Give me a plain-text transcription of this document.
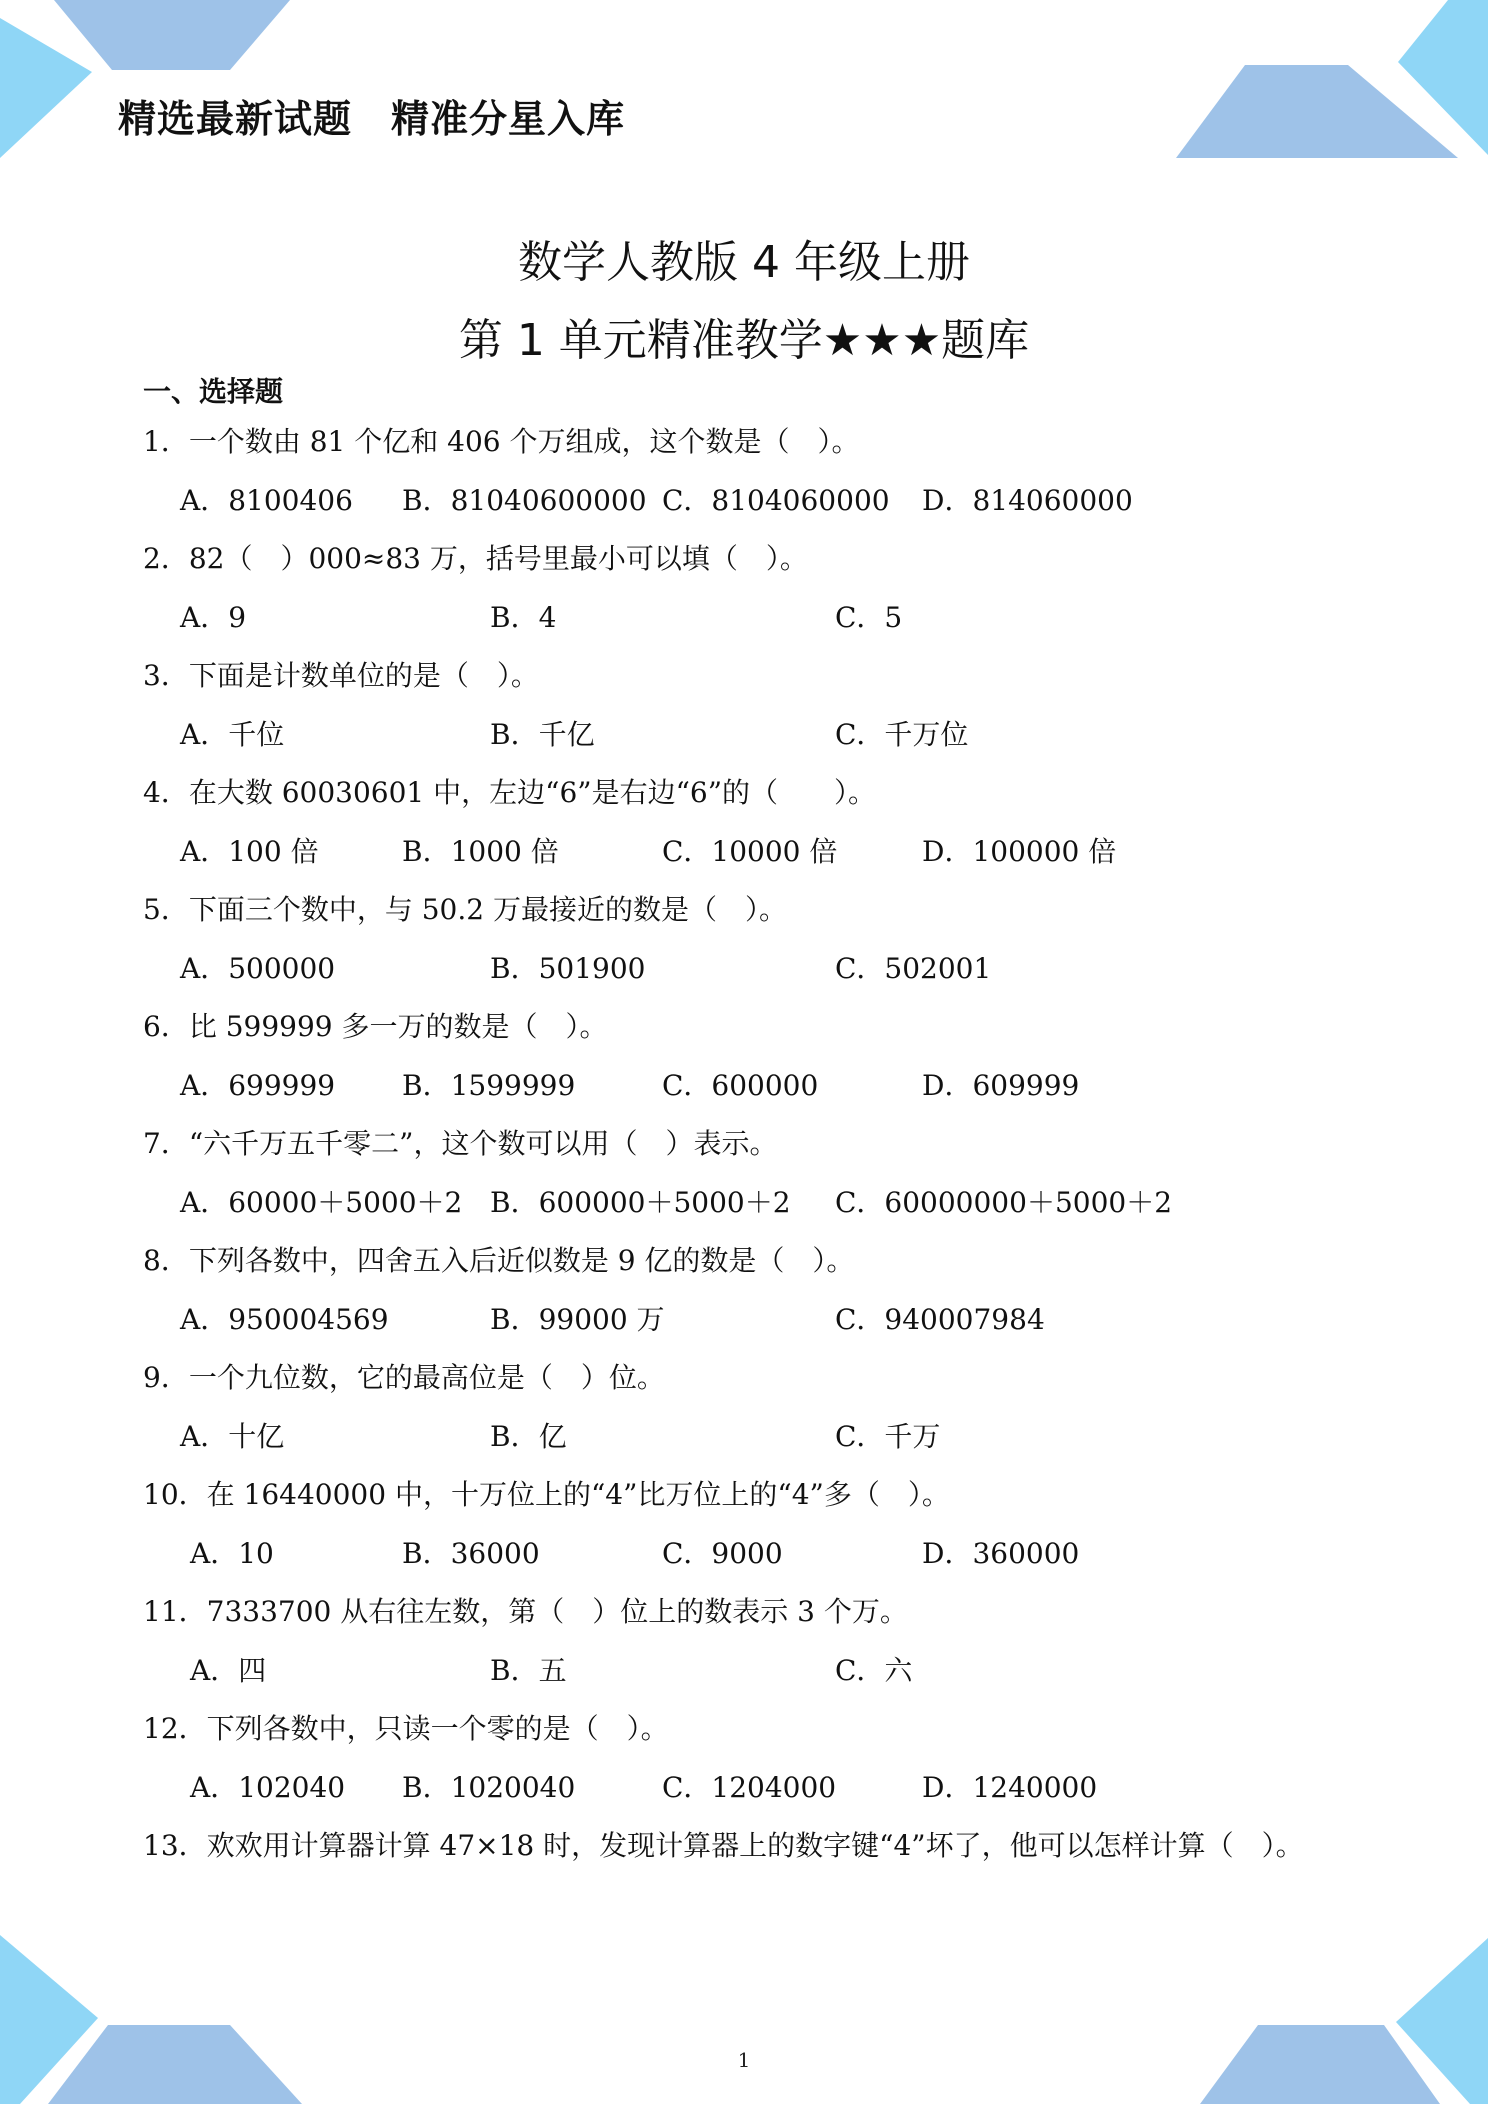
精选最新试题　精准分星入库
数学人教版 4 年级上册
第 1 单元精准教学★★★题库
一、选择题
1．一个数由 81 个亿和 406 个万组成，这个数是（　）。
A．8100406 B．81040600000 C．8104060000 D．814060000
2．82（　）000≈83 万，括号里最小可以填（　）。
A．9	B．4	C．5
3．下面是计数单位的是（　）。
A．千位	B．千亿	C．千万位
4．在大数 60030601 中，左边“6”是右边“6”的（　　）。
A．100 倍	B．1000 倍	C．10000 倍	D．100000 倍
5．下面三个数中，与 50.2 万最接近的数是（　）。
A．500000	B．501900	C．502001
6．比 599999 多一万的数是（　）。
A．699999 B．1599999	C．600000	D．609999
7．“六千万五千零二”，这个数可以用（　）表示。
A．60000＋5000＋2 B．600000＋5000＋2 C．60000000＋5000＋2
8．下列各数中，四舍五入后近似数是 9 亿的数是（　）。
A．950004569	B．99000 万	C．940007984
9．一个九位数，它的最高位是（　）位。
A．十亿	B．亿	C．千万
10．在 16440000 中，十万位上的“4”比万位上的“4”多（　）。
A．10	B．36000	C．9000	D．360000
11．7333700 从右往左数，第（　）位上的数表示 3 个万。
A．四	B．五	C．六
12．下列各数中，只读一个零的是（　）。
A．102040 B．1020040	C．1204000	D．1240000
13．欢欢用计算器计算 47×18 时，发现计算器上的数字键“4”坏了，他可以怎样计算（　）。
1
